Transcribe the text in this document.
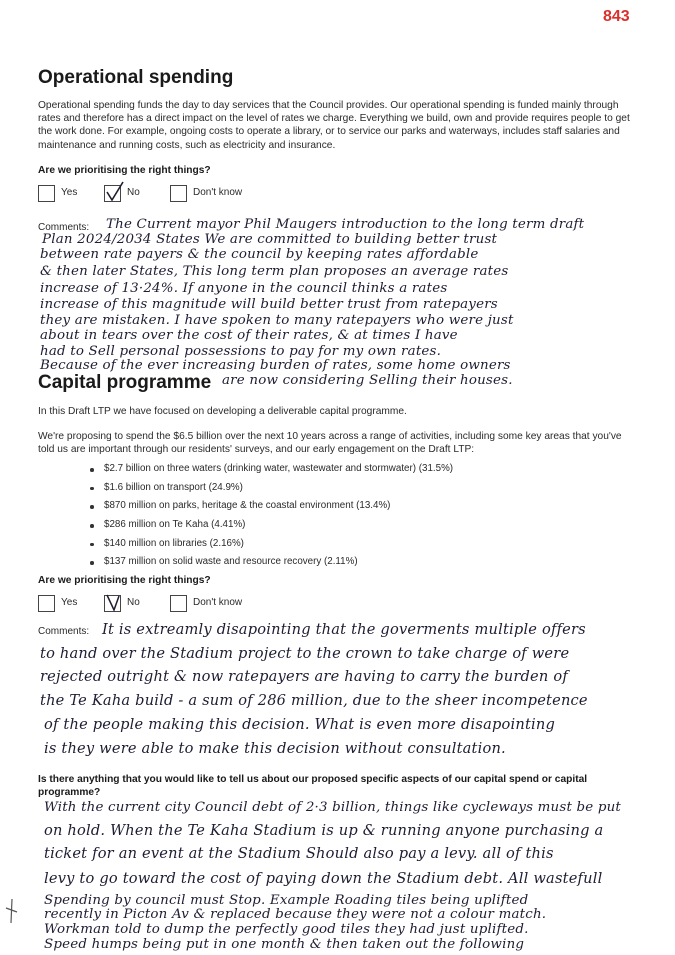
843
Operational spending
Operational spending funds the day to day services that the Council provides. Our operational spending is funded mainly through rates and therefore has a direct impact on the level of rates we charge. Everything we build, own and provide requires people to get the work done. For example, ongoing costs to operate a library, or to service our parks and waterways, includes staff salaries and maintenance and running costs, such as electricity and insurance.
Are we prioritising the right things?
Yes	No	Don't know
Comments: The Current mayor Phil Maugers introduction to the long term draft
Plan 2024/2034 States We are committed to building better trust
between rate payers & the council by keeping rates affordable
& then later States, This long term plan proposes an average rates
increase of 13·24%. If anyone in the council thinks a rates
increase of this magnitude will build better trust from ratepayers
they are mistaken. I have spoken to many ratepayers who were just
about in tears over the cost of their rates, & at times I have
had to Sell personal possessions to pay for my own rates.
Because of the ever increasing burden of rates, some home owners
are now considering Selling their houses.
Capital programme
In this Draft LTP we have focused on developing a deliverable capital programme.
We're proposing to spend the $6.5 billion over the next 10 years across a range of activities, including some key areas that you've told us are important through our residents' surveys, and our early engagement on the Draft LTP:
$2.7 billion on three waters (drinking water, wastewater and stormwater) (31.5%)
$1.6 billion on transport (24.9%)
$870 million on parks, heritage & the coastal environment (13.4%)
$286 million on Te Kaha (4.41%)
$140 million on libraries (2.16%)
$137 million on solid waste and resource recovery (2.11%)
Are we prioritising the right things?
Yes	No	Don't know
Comments: It is extreamly disapointing that the goverments multiple offers
to hand over the Stadium project to the crown to take charge of were
rejected outright & now ratepayers are having to carry the burden of
the Te Kaha build - a sum of 286 million, due to the sheer incompetence
of the people making this decision. What is even more disapointing
is they were able to make this decision without consultation.
Is there anything that you would like to tell us about our proposed specific aspects of our capital spend or capital programme?
With the current city Council debt of 2·3 billion, things like cycleways must be put
on hold. When the Te Kaha Stadium is up & running anyone purchasing a
ticket for an event at the Stadium Should also pay a levy. all of this
levy to go toward the cost of paying down the Stadium debt. All wastefull
Spending by council must Stop. Example Roading tiles being uplifted
recently in Picton Av & replaced because they were not a colour match.
Workman told to dump the perfectly good tiles they had just uplifted.
Speed humps being put in one month & then taken out the following
